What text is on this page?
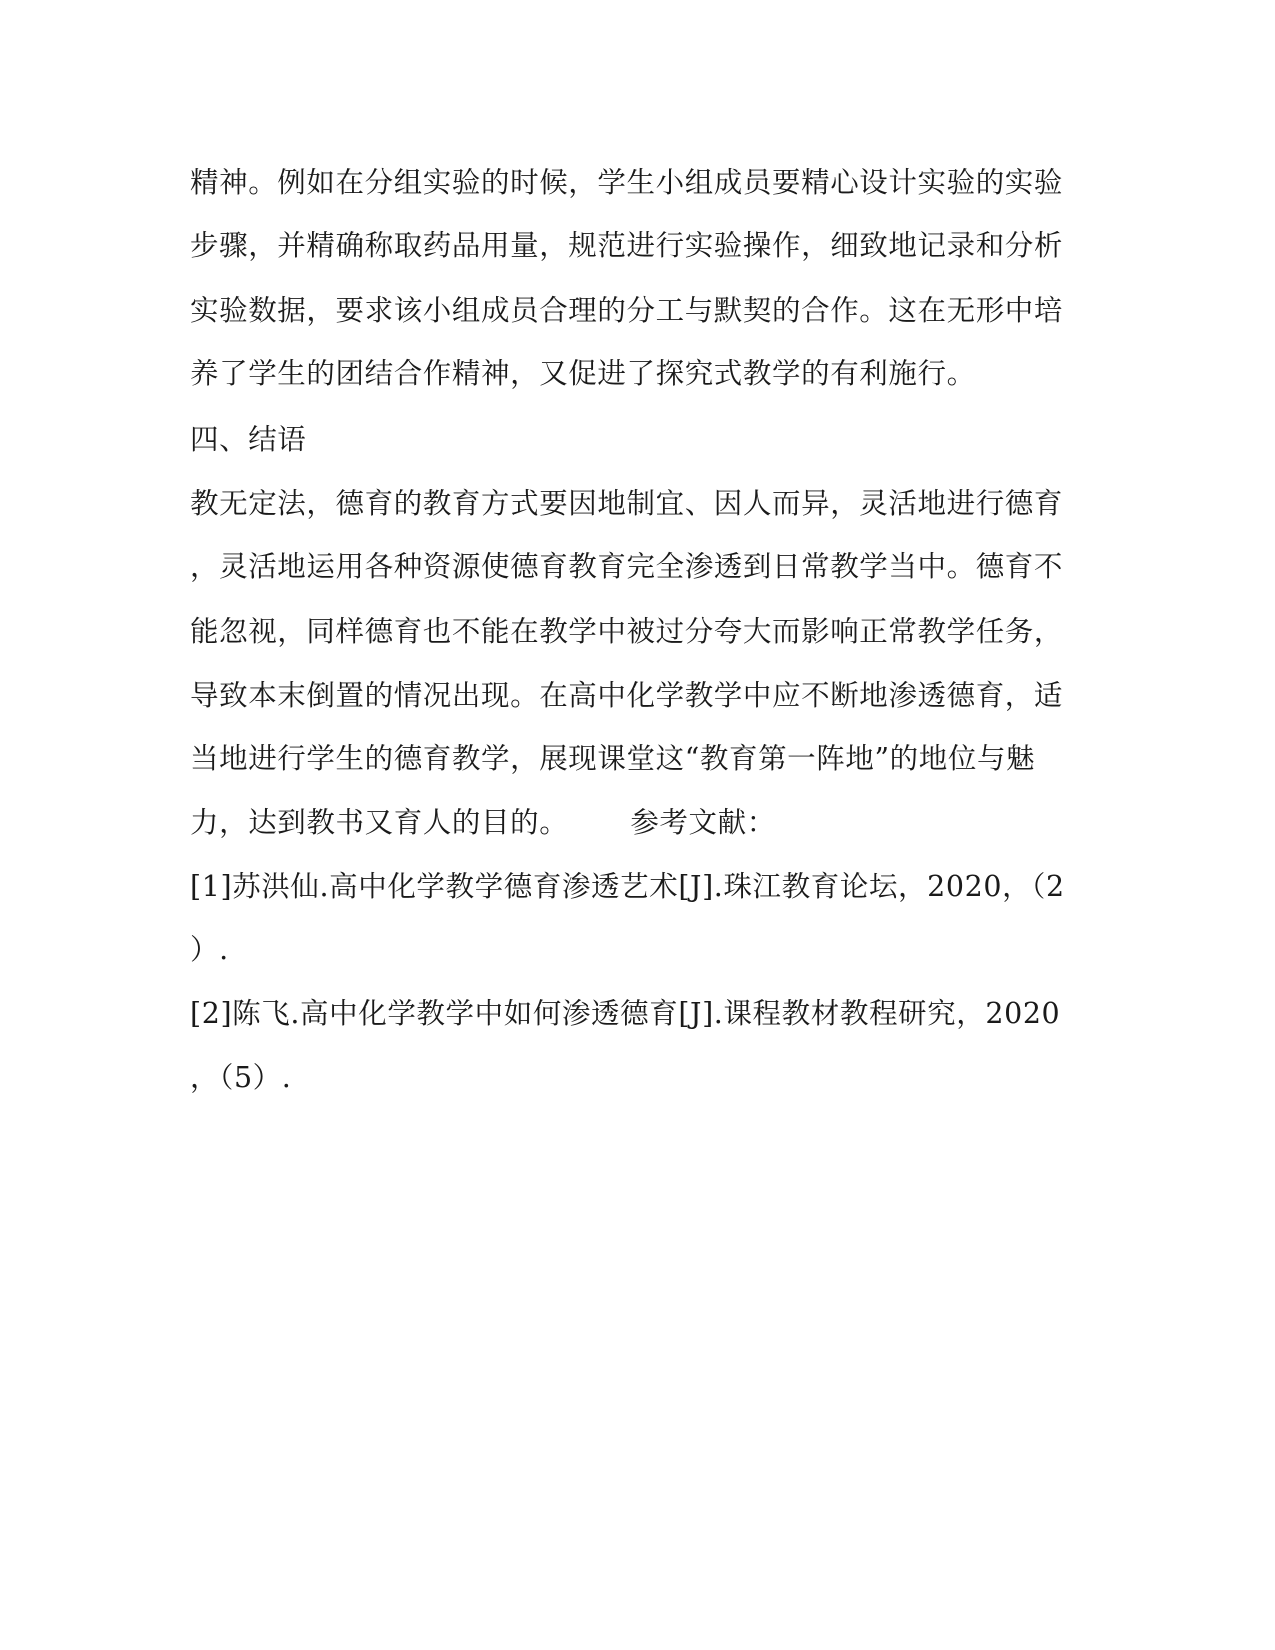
精神。例如在分组实验的时候，学生小组成员要精心设计实验的实验
步骤，并精确称取药品用量，规范进行实验操作，细致地记录和分析
实验数据，要求该小组成员合理的分工与默契的合作。这在无形中培
养了学生的团结合作精神，又促进了探究式教学的有利施行。
四、结语
教无定法，德育的教育方式要因地制宜、因人而异，灵活地进行德育
，灵活地运用各种资源使德育教育完全渗透到日常教学当中。德育不
能忽视，同样德育也不能在教学中被过分夸大而影响正常教学任务，
导致本末倒置的情况出现。在高中化学教学中应不断地渗透德育，适
当地进行学生的德育教学，展现课堂这“教育第一阵地”的地位与魅
力，达到教书又育人的目的。 参考文献：
[1]苏洪仙.高中化学教学德育渗透艺术[J].珠江教育论坛，2020，（2
）.
[2]陈飞.高中化学教学中如何渗透德育[J].课程教材教程研究，2020
，（5）.
